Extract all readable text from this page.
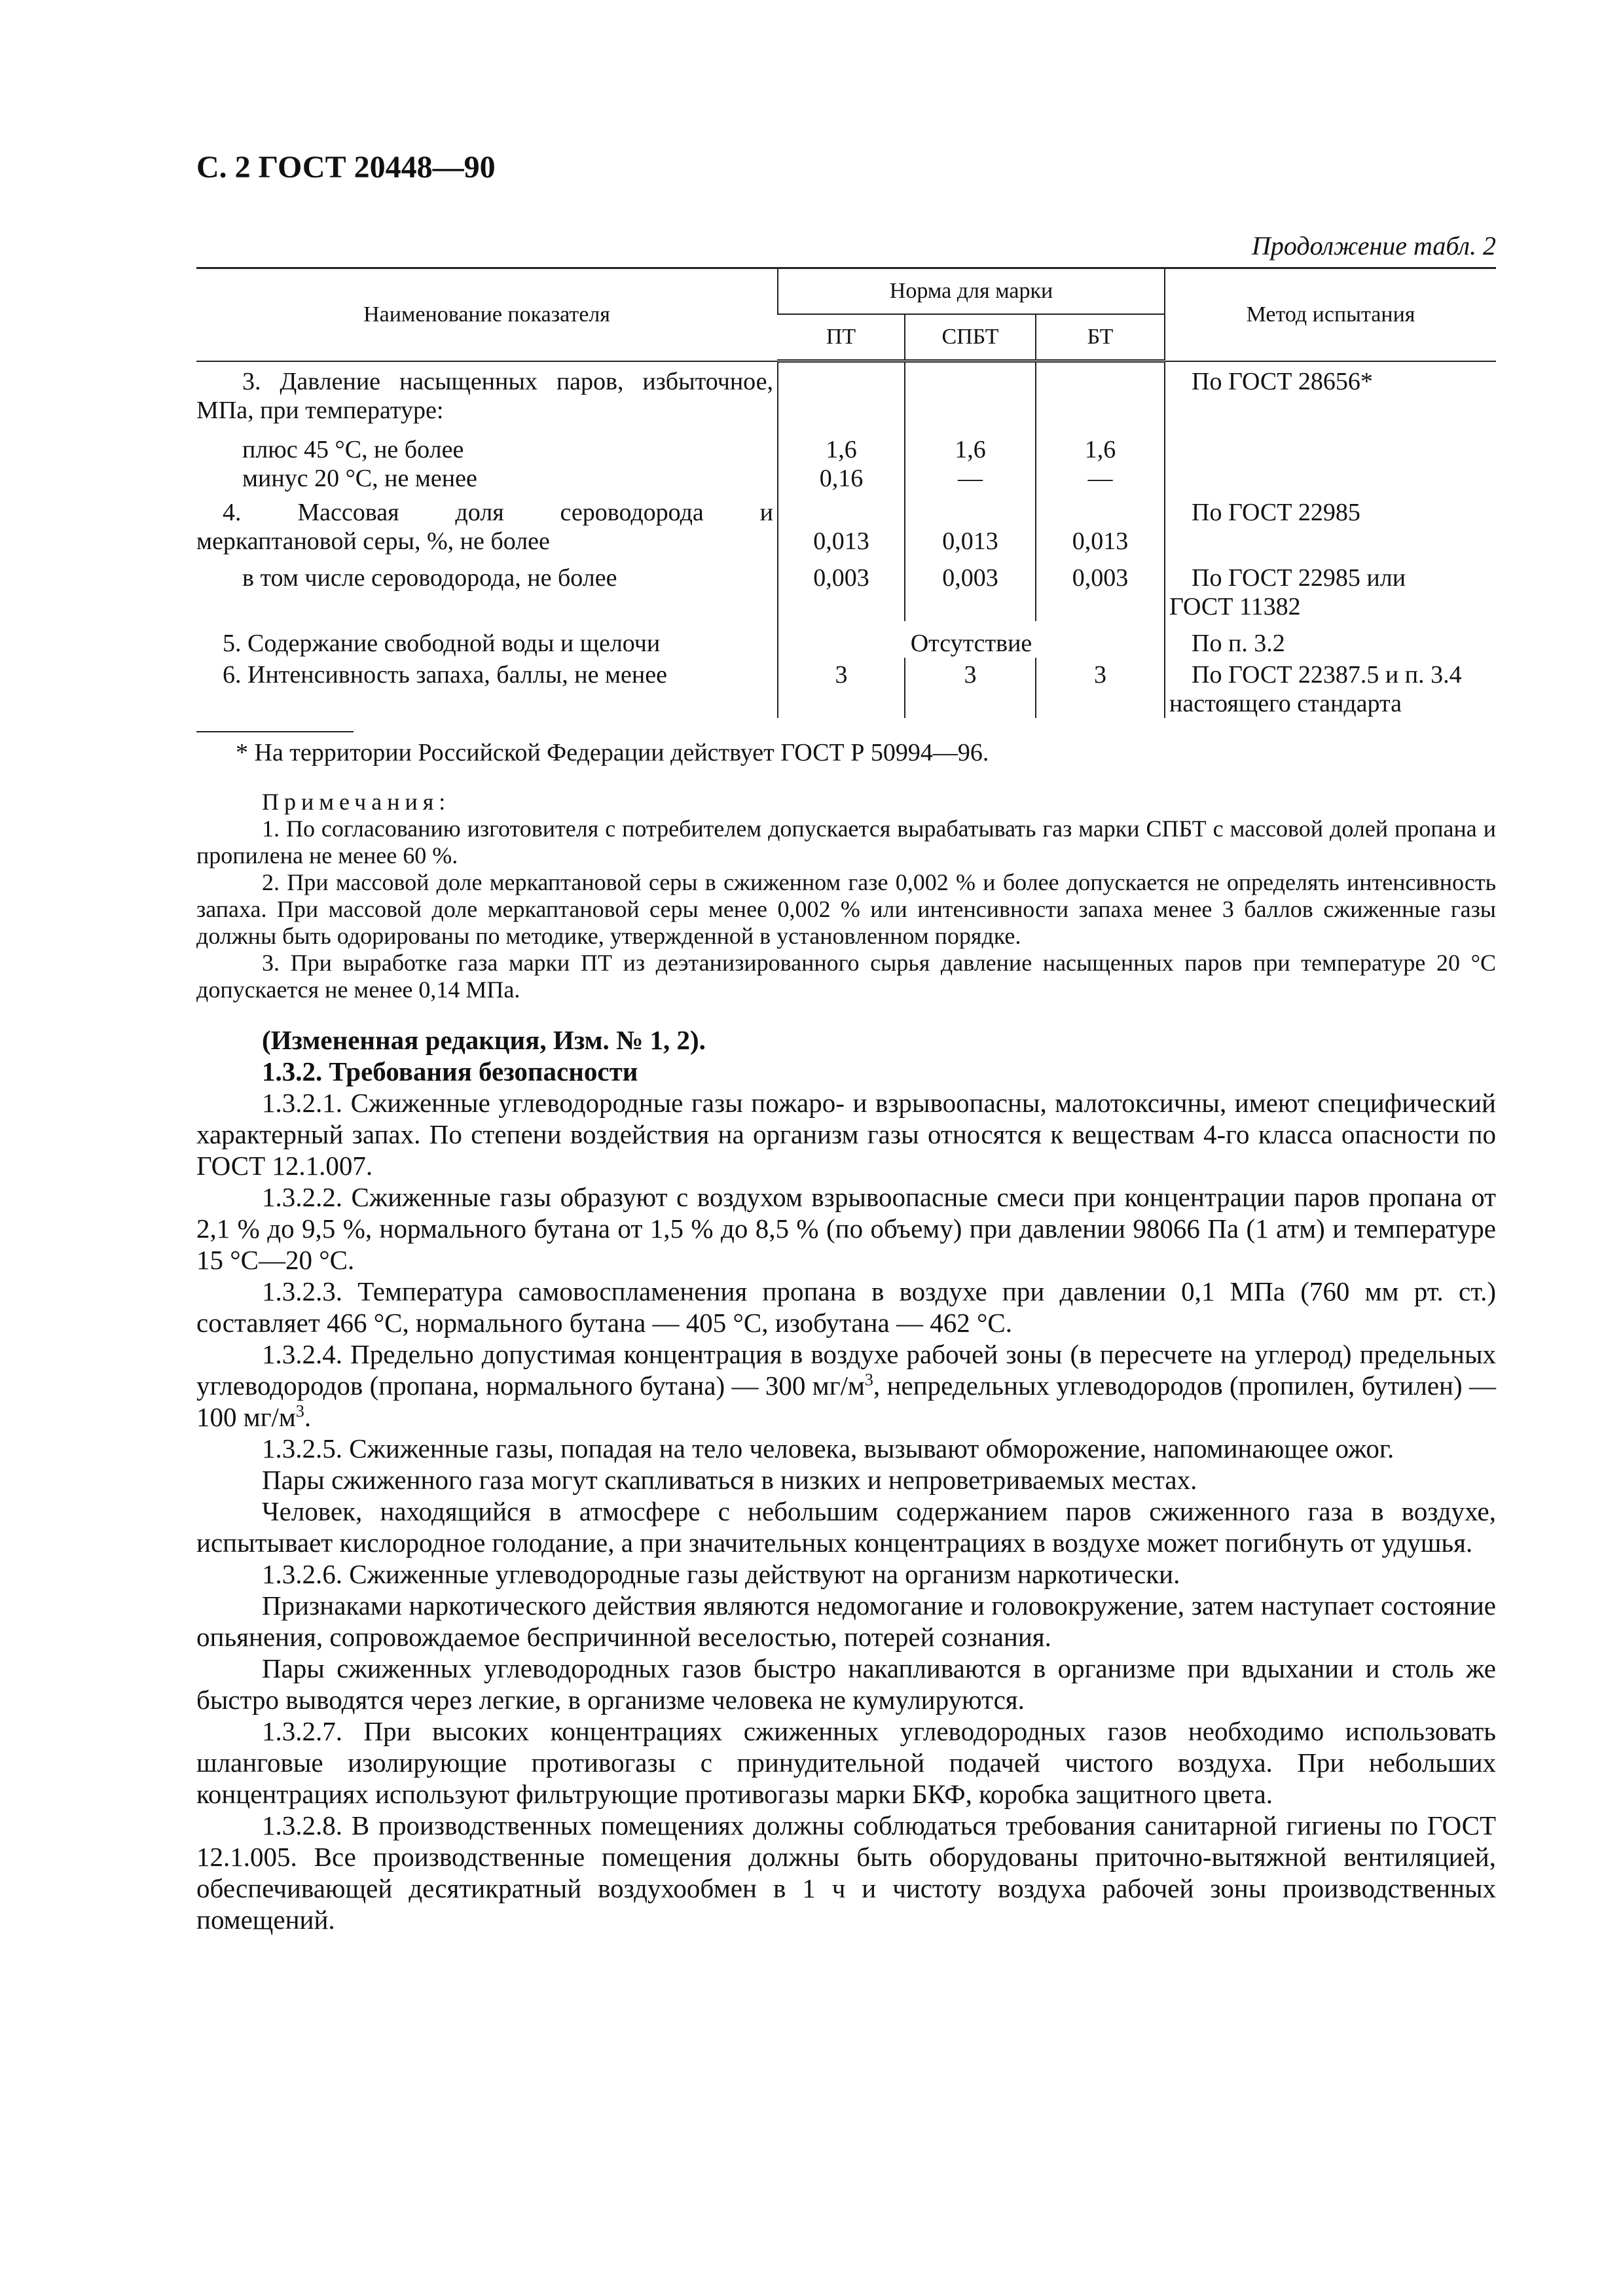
С. 2 ГОСТ 20448—90
Продолжение табл. 2
Наименование показателя	Норма для марки			Метод испытания
	ПТ	СПБТ	БТ	

3. Давление насыщенных паров, избыточное,
МПа, при температуре:				По ГОСТ 28656*
плюс 45 °С, не более	1,6	1,6	1,6	
минус 20 °С, не менее	0,16	—	—	

4. Массовая доля сероводорода и
меркаптановой серы, %, не более	0,013	0,013	0,013	По ГОСТ 22985
в том числе сероводорода, не более	0,003	0,003	0,003	По ГОСТ 22985 или
ГОСТ 11382

5. Содержание свободной воды и щелочи	Отсутствие			По п. 3.2
6. Интенсивность запаха, баллы, не менее	3	3	3	По ГОСТ 22387.5 и п. 3.4
настоящего стандарта
* На территории Российской Федерации действует ГОСТ Р 50994—96.
Примечания:

1. По согласованию изготовителя с потребителем допускается вырабатывать газ марки СПБТ с массовой долей пропана и пропилена не менее 60 %.

2. При массовой доле меркаптановой серы в сжиженном газе 0,002 % и более допускается не определять интенсивность запаха. При массовой доле меркаптановой серы менее 0,002 % или интенсивности запаха менее 3 баллов сжиженные газы должны быть одорированы по методике, утвержденной в установленном порядке.

3. При выработке газа марки ПТ из деэтанизированного сырья давление насыщенных паров при температуре 20 °С допускается не менее 0,14 МПа.

(Измененная редакция, Изм. № 1, 2).

1.3.2. Требования безопасности

1.3.2.1. Сжиженные углеводородные газы пожаро- и взрывоопасны, малотоксичны, имеют специфический характерный запах. По степени воздействия на организм газы относятся к веществам 4-го класса опасности по ГОСТ 12.1.007.

1.3.2.2. Сжиженные газы образуют с воздухом взрывоопасные смеси при концентрации паров пропана от 2,1 % до 9,5 %, нормального бутана от 1,5 % до 8,5 % (по объему) при давлении 98066 Па (1 атм) и температуре 15 °С—20 °С.

1.3.2.3. Температура самовоспламенения пропана в воздухе при давлении 0,1 МПа (760 мм рт. ст.) составляет 466 °С, нормального бутана — 405 °С, изобутана — 462 °С.

1.3.2.4. Предельно допустимая концентрация в воздухе рабочей зоны (в пересчете на углерод) предельных углеводородов (пропана, нормального бутана) — 300 $мг/м^3$, непредельных углеводородов (пропилен, бутилен) — 100 $мг/м^3$.

1.3.2.5. Сжиженные газы, попадая на тело человека, вызывают обморожение, напоминающее ожог.

Пары сжиженного газа могут скапливаться в низких и непроветриваемых местах.

Человек, находящийся в атмосфере с небольшим содержанием паров сжиженного газа в воздухе, испытывает кислородное голодание, а при значительных концентрациях в воздухе может погибнуть от удушья.

1.3.2.6. Сжиженные углеводородные газы действуют на организм наркотически.

Признаками наркотического действия являются недомогание и головокружение, затем наступает состояние опьянения, сопровождаемое беспричинной веселостью, потерей сознания.

Пары сжиженных углеводородных газов быстро накапливаются в организме при вдыхании и столь же быстро выводятся через легкие, в организме человека не кумулируются.

1.3.2.7. При высоких концентрациях сжиженных углеводородных газов необходимо использовать шланговые изолирующие противогазы с принудительной подачей чистого воздуха. При небольших концентрациях используют фильтрующие противогазы марки БКФ, коробка защитного цвета.

1.3.2.8. В производственных помещениях должны соблюдаться требования санитарной гигиены по ГОСТ 12.1.005. Все производственные помещения должны быть оборудованы приточно-вытяжной вентиляцией, обеспечивающей десятикратный воздухообмен в 1 ч и чистоту воздуха рабочей зоны производственных помещений.
